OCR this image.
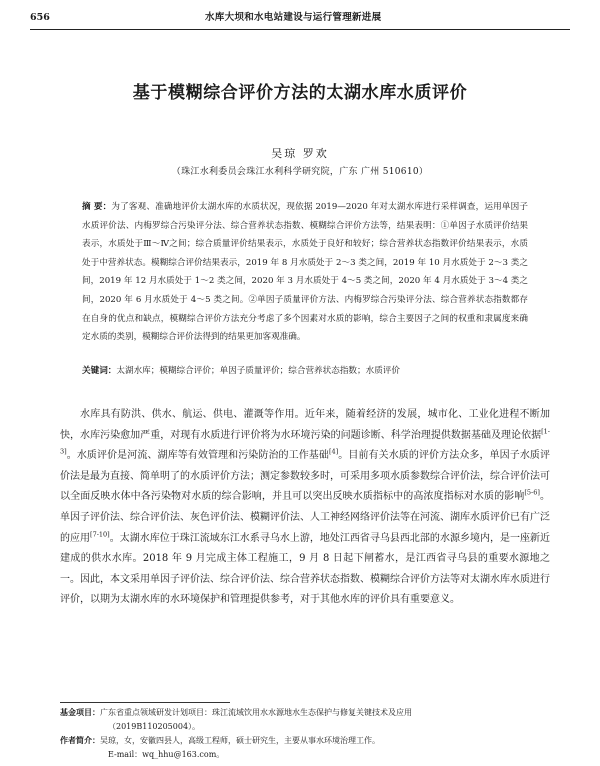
656	水库大坝和水电站建设与运行管理新进展
基于模糊综合评价方法的太湖水库水质评价
吴琼 罗欢
（珠江水利委员会珠江水利科学研究院，广东 广州 510610）
摘 要：为了客观、准确地评价太湖水库的水质状况，现依据 2019—2020 年对太湖水库进行采样调查，运用单因子水质评价法、内梅罗综合污染评分法、综合营养状态指数、模糊综合评价方法等，结果表明：①单因子水质评价结果表示，水质处于Ⅲ～Ⅳ之间；综合质量评价结果表示，水质处于良好和较好；综合营养状态指数评价结果表示，水质处于中营养状态。模糊综合评价结果表示，2019 年 8 月水质处于 2～3 类之间，2019 年 10 月水质处于 2～3 类之间，2019 年 12 月水质处于 1～2 类之间，2020 年 3 月水质处于 4～5 类之间，2020 年 4 月水质处于 3～4 类之间，2020 年 6 月水质处于 4～5 类之间。②单因子质量评价方法、内梅罗综合污染评分法、综合营养状态指数都存在自身的优点和缺点，模糊综合评价方法充分考虑了多个因素对水质的影响，综合主要因子之间的权重和隶属度来确定水质的类别，模糊综合评价法得到的结果更加客观准确。
关键词：太湖水库；模糊综合评价；单因子质量评价；综合营养状态指数；水质评价
水库具有防洪、供水、航运、供电、灌溉等作用。近年来，随着经济的发展，城市化、工业化进程不断加快，水库污染愈加严重，对现有水质进行评价将为水环境污染的问题诊断、科学治理提供数据基础及理论依据[1-3]。水质评价是河流、湖库等有效管理和污染防治的工作基础[4]。目前有关水质的评价方法众多，单因子水质评价法是最为直接、简单明了的水质评价方法；测定参数较多时，可采用多项水质参数综合评价法，综合评价法可以全面反映水体中各污染物对水质的综合影响，并且可以突出反映水质指标中的高浓度指标对水质的影响[5-6]。单因子评价法、综合评价法、灰色评价法、模糊评价法、人工神经网络评价法等在河流、湖库水质评价已有广泛的应用[7-10]。太湖水库位于珠江流域东江水系寻乌水上游，地处江西省寻乌县西北部的水源乡境内，是一座新近建成的供水水库。2018 年 9 月完成主体工程施工，9 月 8 日起下闸蓄水，是江西省寻乌县的重要水源地之一。因此，本文采用单因子评价法、综合评价法、综合营养状态指数、模糊综合评价方法等对太湖水库水质进行评价，以期为太湖水库的水环境保护和管理提供参考，对于其他水库的评价具有重要意义。

基金项目：广东省重点领域研发计划项目：珠江流域饮用水水源地水生态保护与修复关键技术及应用

（2019B110205004）。

作者简介：吴琼，女，安徽四县人，高级工程师，硕士研究生，主要从事水环境治理工作。

E-mail：wq_hhu@163.com。
